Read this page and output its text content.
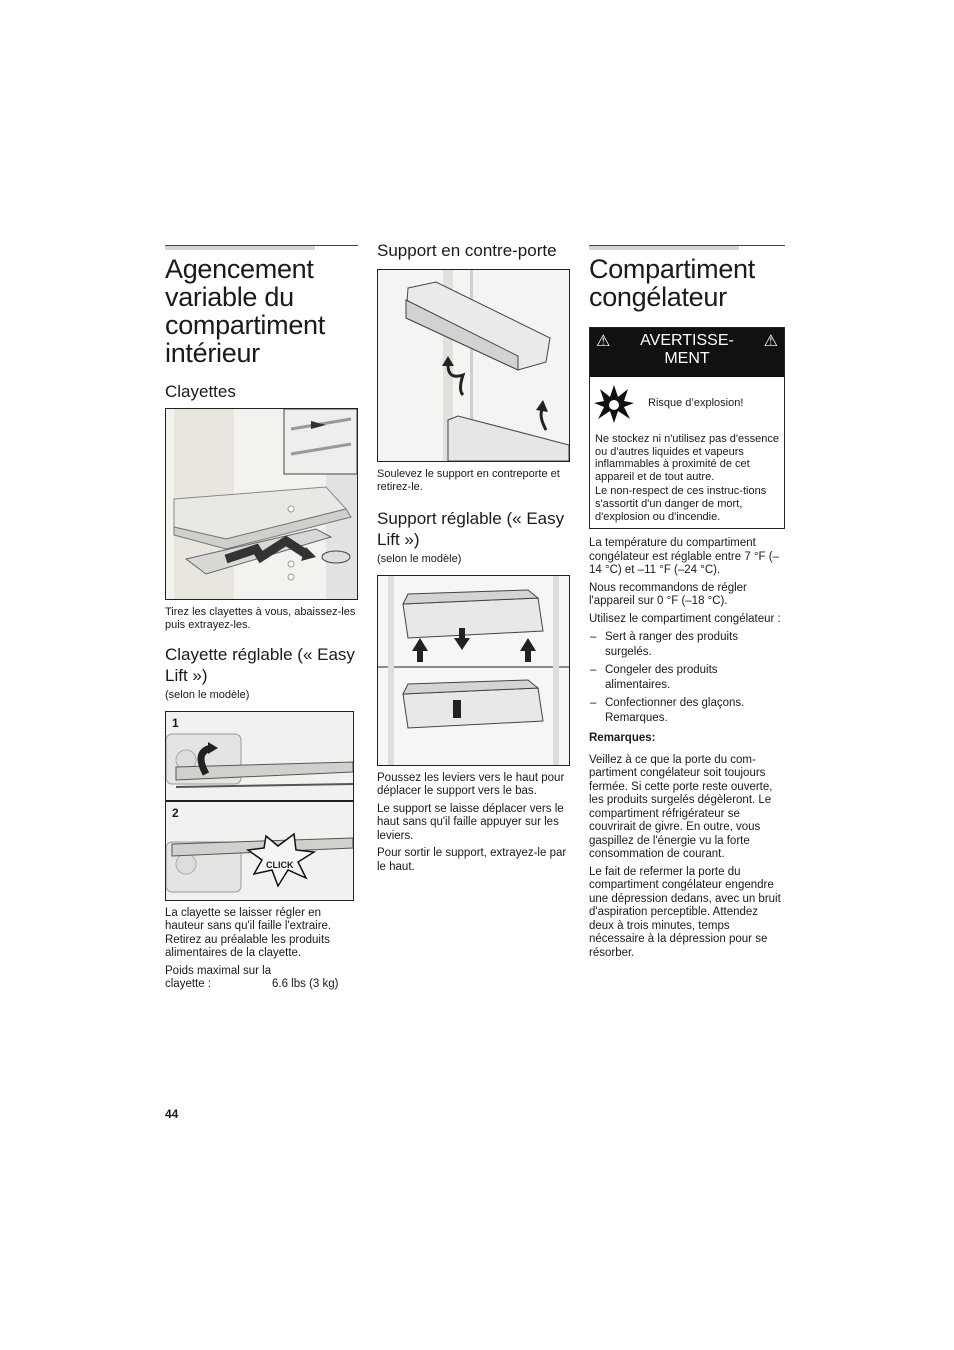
Agencement variable du compartiment intérieur
Clayettes
Tirez les clayettes à vous, abaissez-les puis extrayez-les.
Clayette réglable (« Easy Lift »)

(selon le modèle)

1
2
CLICK

La clayette se laisser régler en hauteur sans qu'il faille l'extraire. Retirez au préalable les produits alimentaires de la clayette.

Poids maximal sur la clayette :	6.6 lbs (3 kg)
Support en contre-porte
Soulevez le support en contreporte et retirez-le.
Support réglable (« Easy Lift »)

(selon le modèle)

Poussez les leviers vers le haut pour déplacer le support vers le bas.

Le support se laisse déplacer vers le haut sans qu'il faille appuyer sur les leviers.

Pour sortir le support, extrayez-le par le haut.

Compartiment congélateur
⚠	AVERTISSE-MENT
⚠
Risque d’explosion!

Ne stockez ni n'utilisez pas d'essence ou d'autres liquides et vapeurs inflammables à proximité de cet appareil et de tout autre.

Le non-respect de ces instruc-tions s'assortit d'un danger de mort, d'explosion ou d'incendie.

La température du compartiment congélateur est réglable entre 7 °F (–14 °C) et –11 °F (–24 °C).

Nous recommandons de régler l'appareil sur 0 °F (–18 °C).

Utilisez le compartiment congélateur :

– Sert à ranger des produits surgelés.
– Congeler des produits alimentaires.
– Confectionner des glaçons. Remarques.

Remarques:

Veillez à ce que la porte du com-partiment congélateur soit toujours fermée. Si cette porte reste ouverte, les produits surgelés dégèleront. Le compartiment réfrigérateur se couvrirait de givre. En outre, vous gaspillez de l'énergie vu la forte consommation de courant.

Le fait de refermer la porte du compartiment congélateur engendre une dépression dedans, avec un bruit d'aspiration perceptible. Attendez deux à trois minutes, temps nécessaire à la dépression pour se résorber.

44
